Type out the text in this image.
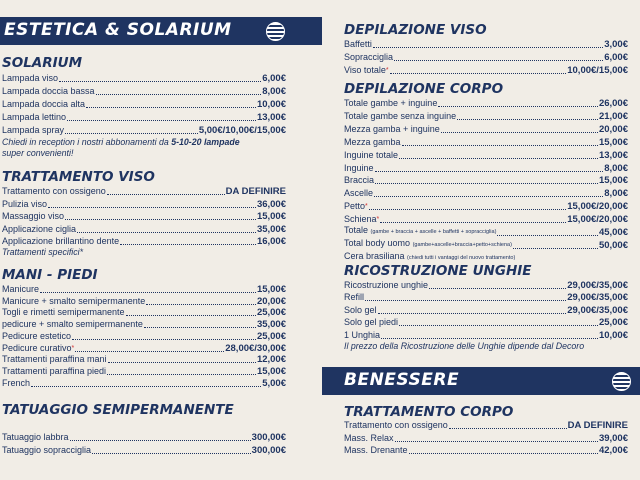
ESTETICA & SOLARIUM
SOLARIUM
Lampada viso	6,00€
Lampada doccia bassa	8,00€
Lampada doccia alta	10,00€
Lampada lettino	13,00€
Lampada spray	5,00€/10,00€/15,00€
Chiedi in reception i nostri abbonamenti da 5-10-20 lampade
super convenienti!
TRATTAMENTO VISO
Trattamento con ossigeno	DA DEFINIRE
Pulizia viso	36,00€
Massaggio viso	15,00€
Applicazione ciglia	35,00€
Applicazione brillantino dente	16,00€
Trattamenti specifici*
MANI - PIEDI
Manicure	15,00€
Manicure + smalto semipermanente	20,00€
Togli e rimetti semipermanente	25,00€
pedicure + smalto semipermanente	35,00€
Pedicure estetico	25,00€
Pedicure curativo*	28,00€/30,00€
Trattamenti paraffina mani	12,00€
Trattamenti paraffina piedi	15,00€
French	5,00€
TATUAGGIO SEMIPERMANENTE
Tatuaggio labbra	300,00€
Tatuaggio sopracciglia	300,00€
DEPILAZIONE VISO
Baffetti	3,00€
Sopracciglia	6,00€
Viso totale*	10,00€/15,00€
DEPILAZIONE CORPO
Totale gambe + inguine	26,00€
Totale gambe senza inguine	21,00€
Mezza gamba + inguine	20,00€
Mezza gamba	15,00€
Inguine totale	13,00€
Inguine	8,00€
Braccia	15,00€
Ascelle	8,00€
Petto*	15,00€/20,00€
Schiena*	15,00€/20,00€
Totale (gambe + braccia + ascelle + baffetti + sopracciglia)	45,00€
Total body uomo (gambe+ascelle+braccia+petto+schiena)	50,00€
Cera brasiliana (chiedi tutti i vantaggi del nuovo trattamento)
RICOSTRUZIONE UNGHIE
Ricostruzione unghie	29,00€/35,00€
Refill	29,00€/35,00€
Solo gel	29,00€/35,00€
Solo gel piedi	25,00€
1 Unghia	10,00€
Il prezzo della Ricostruzione delle Unghie dipende dal Decoro
BENESSERE
TRATTAMENTO CORPO
Trattamento con ossigeno	DA DEFINIRE
Mass. Relax	39,00€
Mass. Drenante	42,00€
